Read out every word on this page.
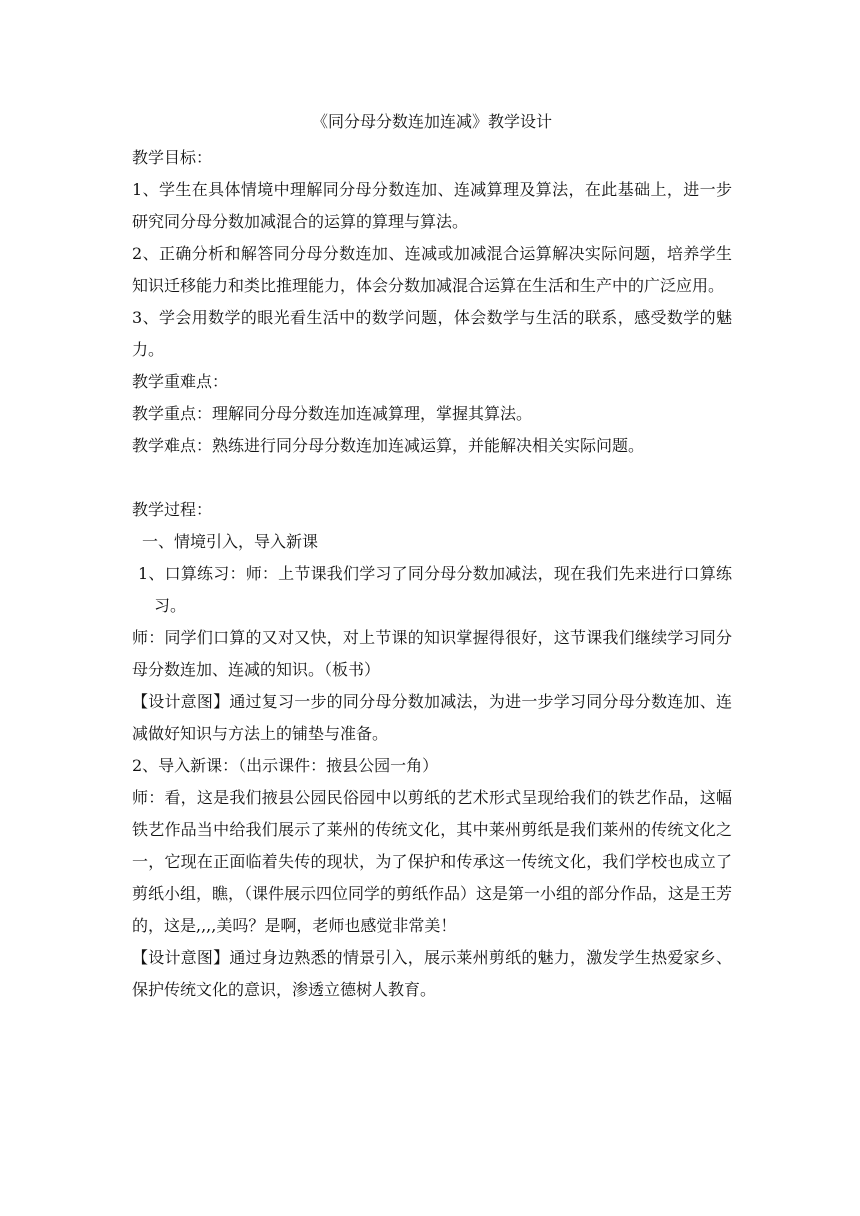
《同分母分数连加连减》教学设计

教学目标：

1、学生在具体情境中理解同分母分数连加、连减算理及算法，在此基础上，进一步研究同分母分数加减混合的运算的算理与算法。

2、正确分析和解答同分母分数连加、连减或加减混合运算解决实际问题，培养学生知识迁移能力和类比推理能力，体会分数加减混合运算在生活和生产中的广泛应用。

3、学会用数学的眼光看生活中的数学问题，体会数学与生活的联系，感受数学的魅力。

教学重难点：

教学重点：理解同分母分数连加连减算理，掌握其算法。

教学难点：熟练进行同分母分数连加连减运算，并能解决相关实际问题。

教学过程：

一、情境引入，导入新课

1、口算练习：师：上节课我们学习了同分母分数加减法，现在我们先来进行口算练习。

师：同学们口算的又对又快，对上节课的知识掌握得很好，这节课我们继续学习同分母分数连加、连减的知识。（板书）

【设计意图】通过复习一步的同分母分数加减法，为进一步学习同分母分数连加、连减做好知识与方法上的铺垫与准备。

2、导入新课：（出示课件：掖县公园一角）

师：看，这是我们掖县公园民俗园中以剪纸的艺术形式呈现给我们的铁艺作品，这幅铁艺作品当中给我们展示了莱州的传统文化，其中莱州剪纸是我们莱州的传统文化之一，它现在正面临着失传的现状，为了保护和传承这一传统文化，我们学校也成立了剪纸小组，瞧，（课件展示四位同学的剪纸作品）这是第一小组的部分作品，这是王芳的，这是,,,,美吗？是啊，老师也感觉非常美！

【设计意图】通过身边熟悉的情景引入，展示莱州剪纸的魅力，激发学生热爱家乡、保护传统文化的意识，渗透立德树人教育。
